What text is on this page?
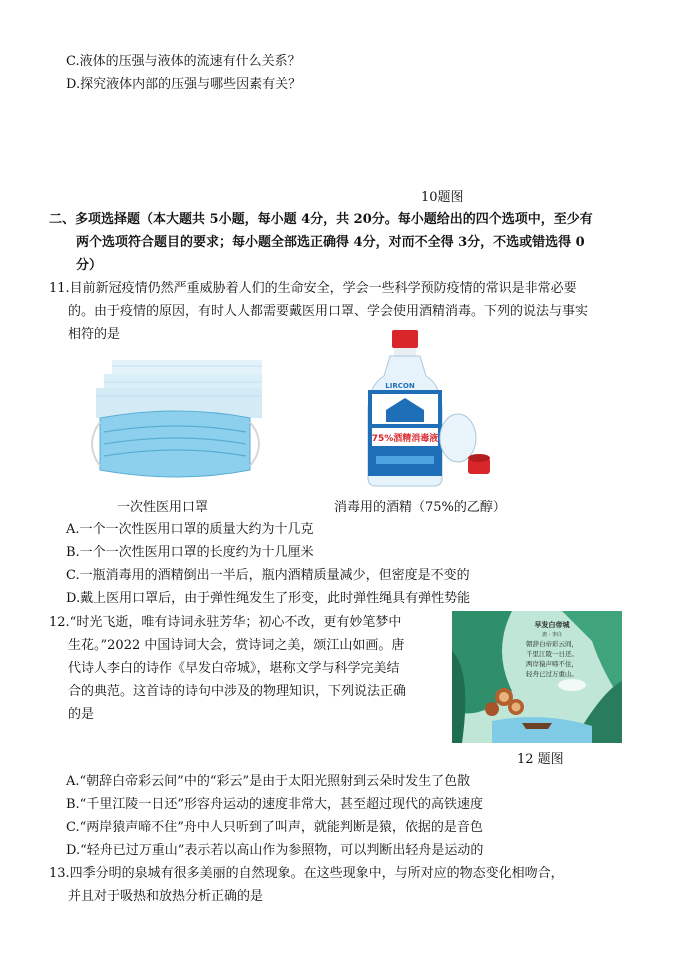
C.液体的压强与液体的流速有什么关系？
D.探究液体内部的压强与哪些因素有关？
10题图
二、多项选择题（本大题共 5小题，每小题 4分，共 20分。每小题给出的四个选项中，至少有
两个选项符合题目的要求；每小题全部选正确得 4分，对而不全得 3分，不选或错选得 0
分）
11.目前新冠疫情仍然严重威胁着人们的生命安全，学会一些科学预防疫情的常识是非常必要
的。由于疫情的原因，有时人人都需要戴医用口罩、学会使用酒精消毒。下列的说法与事实
相符的是
75%酒精消毒液
LIRCON
一次性医用口罩	消毒用的酒精（75%的乙醇）
A.一个一次性医用口罩的质量大约为十几克
B.一个一次性医用口罩的长度约为十几厘米
C.一瓶消毒用的酒精倒出一半后，瓶内酒精质量减少，但密度是不变的
D.戴上医用口罩后，由于弹性绳发生了形变，此时弹性绳具有弹性势能
12.“时光飞逝，唯有诗词永驻芳华；初心不改，更有妙笔梦中
生花。”2022 中国诗词大会，赏诗词之美，颂江山如画。唐
代诗人李白的诗作《早发白帝城》，堪称文学与科学完美结
合的典范。这首诗的诗句中涉及的物理知识，下列说法正确
的是
早发白帝城
唐 · 李白
朝辞白帝彩云间，
千里江陵一日还。
两岸猿声啼不住，
轻舟已过万重山。
12 题图
A.“朝辞白帝彩云间”中的“彩云”是由于太阳光照射到云朵时发生了色散
B.“千里江陵一日还”形容舟运动的速度非常大，甚至超过现代的高铁速度
C.“两岸猿声啼不住”舟中人只听到了叫声，就能判断是猿，依据的是音色
D.“轻舟已过万重山”表示若以高山作为参照物，可以判断出轻舟是运动的
13.四季分明的泉城有很多美丽的自然现象。在这些现象中，与所对应的物态变化相吻合，
并且对于吸热和放热分析正确的是
